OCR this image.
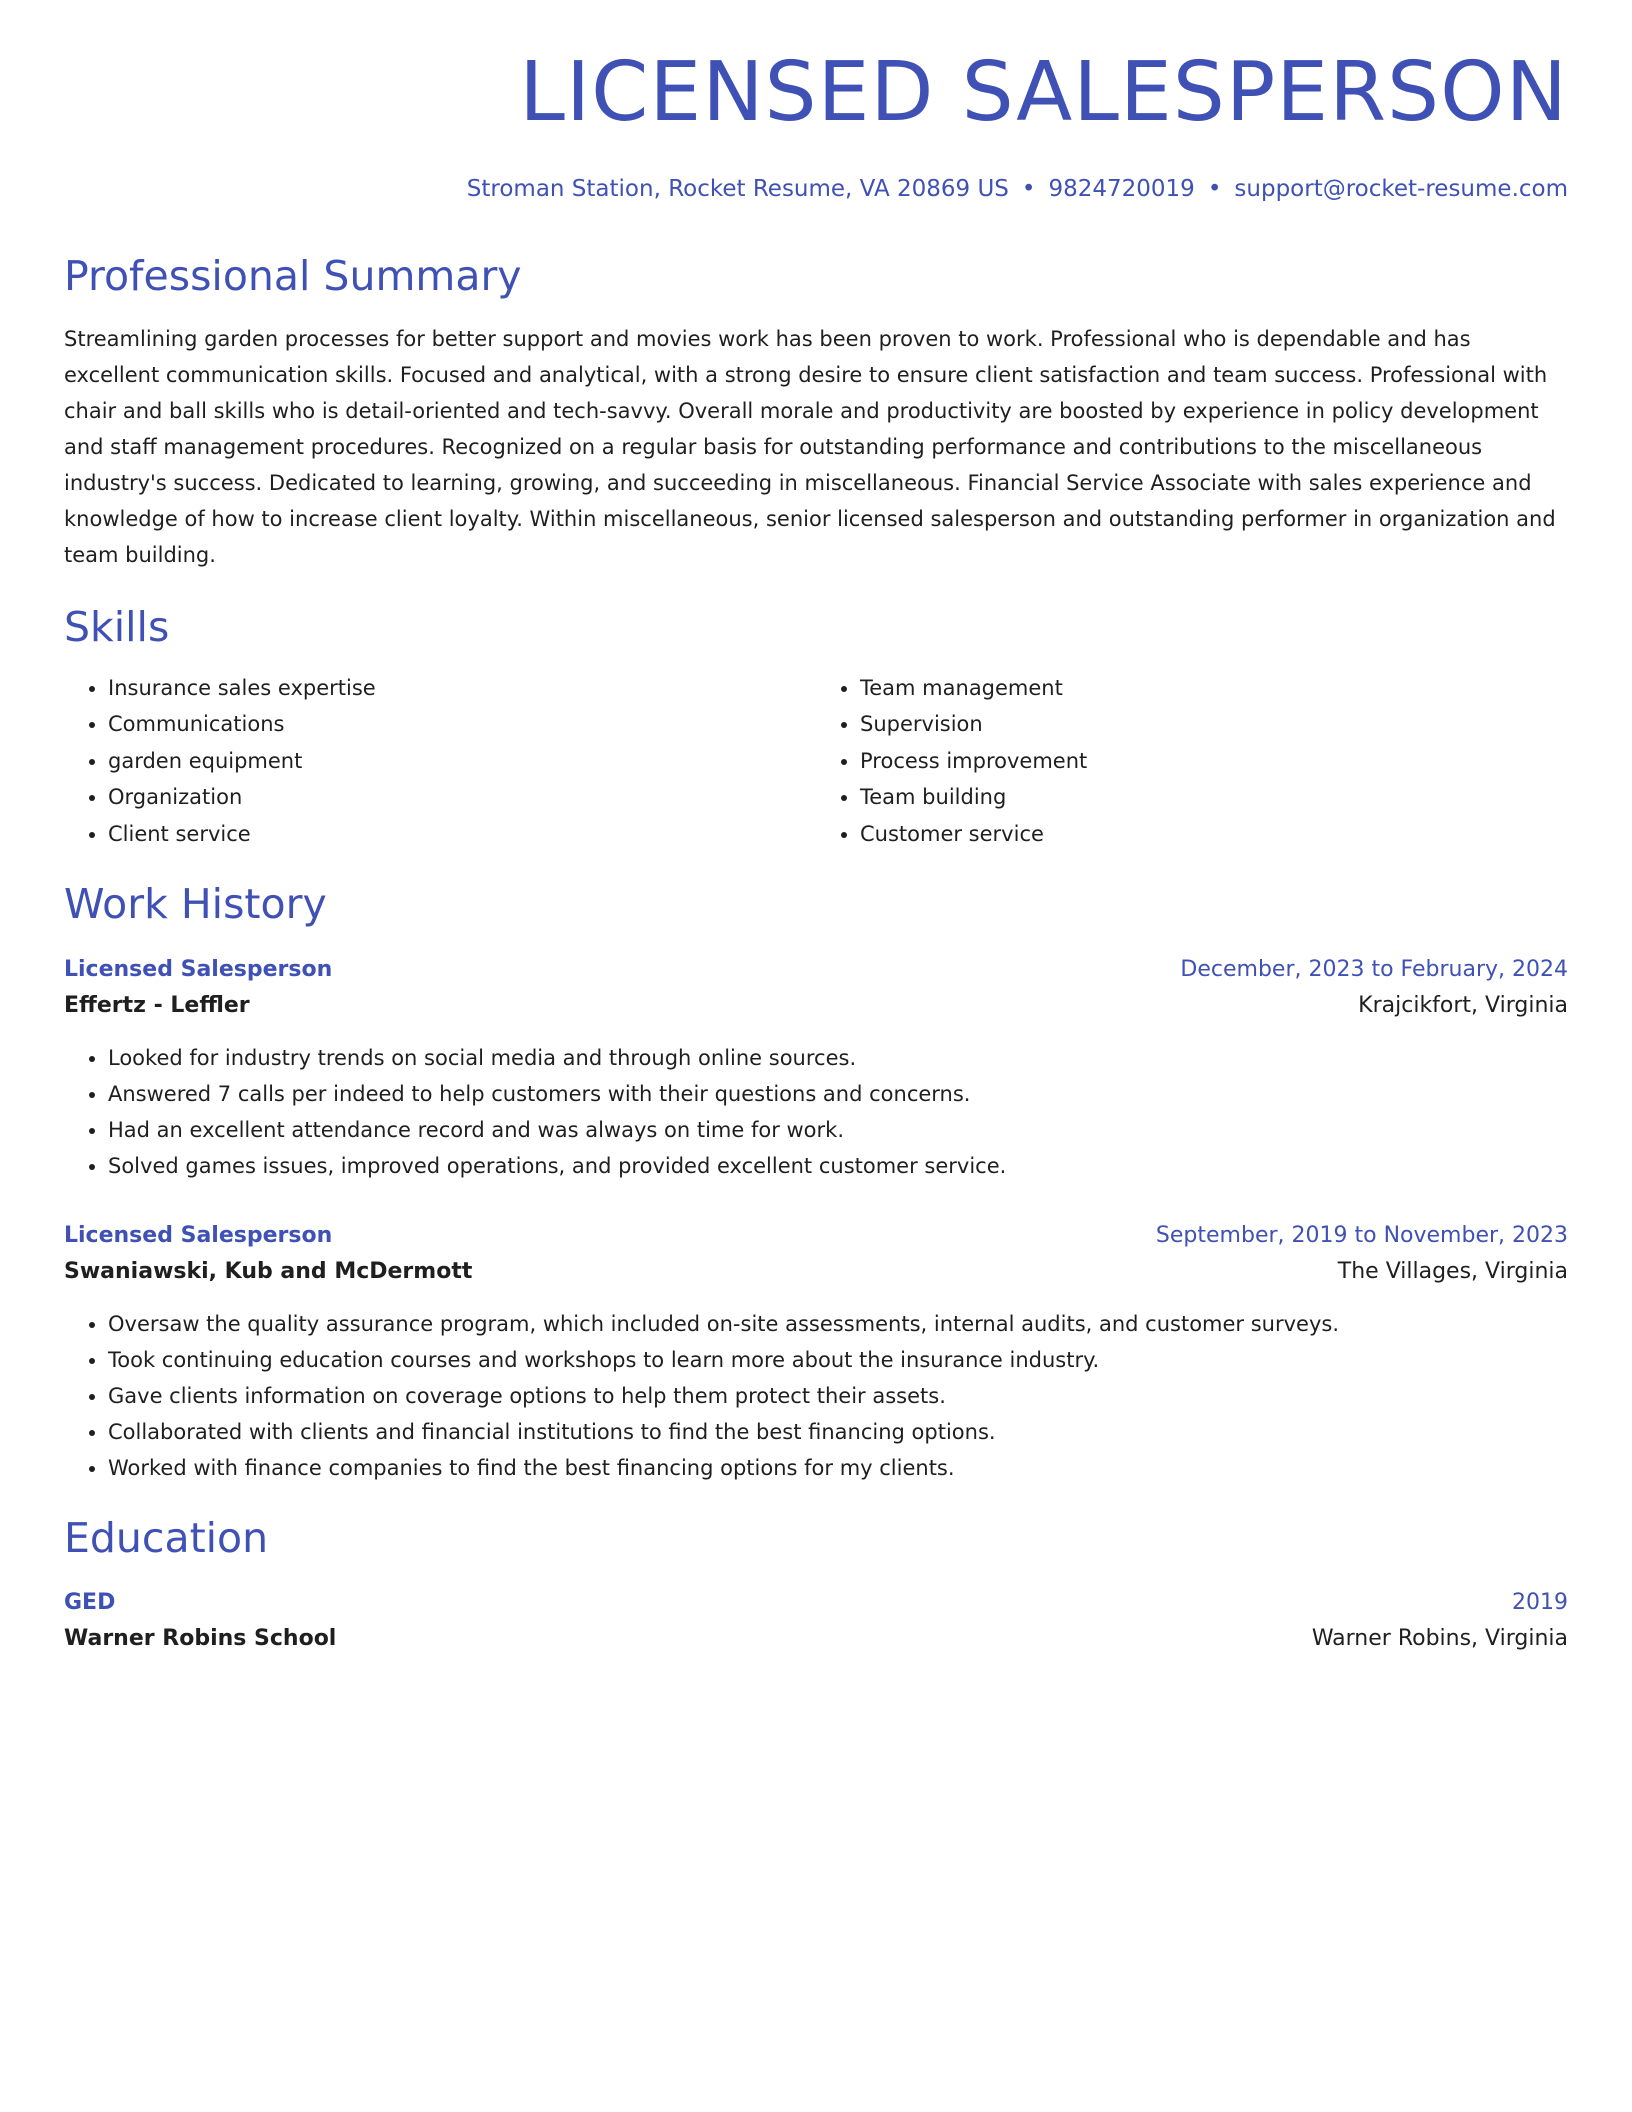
LICENSED SALESPERSON
Stroman Station, Rocket Resume, VA 20869 US • 9824720019 • support@rocket-resume.com
Professional Summary

Streamlining garden processes for better support and movies work has been proven to work. Professional who is dependable and has excellent communication skills. Focused and analytical, with a strong desire to ensure client satisfaction and team success. Professional with chair and ball skills who is detail-oriented and tech-savvy. Overall morale and productivity are boosted by experience in policy development and staff management procedures. Recognized on a regular basis for outstanding performance and contributions to the miscellaneous industry's success. Dedicated to learning, growing, and succeeding in miscellaneous. Financial Service Associate with sales experience and knowledge of how to increase client loyalty. Within miscellaneous, senior licensed salesperson and outstanding performer in organization and team building.

Skills
• Insurance sales expertise
• Communications
• garden equipment
• Organization
• Client service
• Team management
• Supervision
• Process improvement
• Team building
• Customer service
Work History
Licensed Salesperson	December, 2023 to February, 2024
Effertz - Leffler	Krajcikfort, Virginia
• Looked for industry trends on social media and through online sources.
• Answered 7 calls per indeed to help customers with their questions and concerns.
• Had an excellent attendance record and was always on time for work.
• Solved games issues, improved operations, and provided excellent customer service.
Licensed Salesperson	September, 2019 to November, 2023
Swaniawski, Kub and McDermott	The Villages, Virginia
• Oversaw the quality assurance program, which included on-site assessments, internal audits, and customer surveys.
• Took continuing education courses and workshops to learn more about the insurance industry.
• Gave clients information on coverage options to help them protect their assets.
• Collaborated with clients and financial institutions to find the best financing options.
• Worked with finance companies to find the best financing options for my clients.
Education
GED	2019
Warner Robins School	Warner Robins, Virginia
